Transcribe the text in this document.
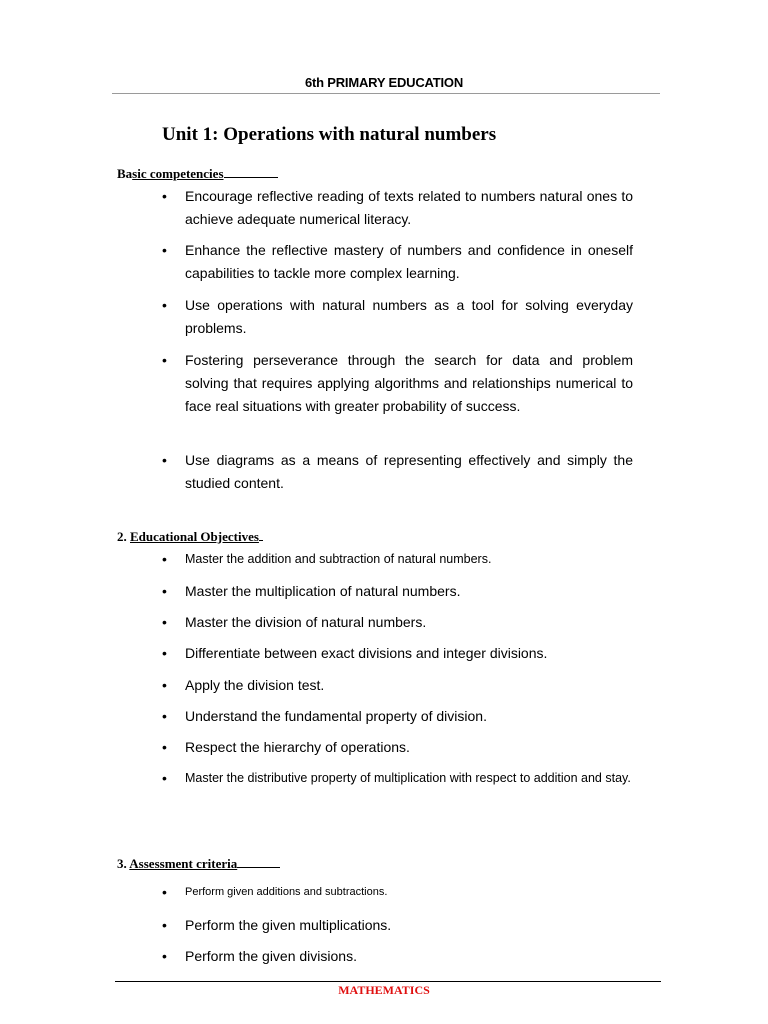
6th PRIMARY EDUCATION
Unit 1: Operations with natural numbers
Basic competencies
• Encourage reflective reading of texts related to numbers natural ones to achieve adequate numerical literacy.
• Enhance the reflective mastery of numbers and confidence in oneself capabilities to tackle more complex learning.
• Use operations with natural numbers as a tool for solving everyday problems.
• Fostering perseverance through the search for data and problem solving that requires applying algorithms and relationships numerical to face real situations with greater probability of success.
• Use diagrams as a means of representing effectively and simply the studied content.
2. Educational Objectives
• Master the addition and subtraction of natural numbers.
• Master the multiplication of natural numbers.
• Master the division of natural numbers.
• Differentiate between exact divisions and integer divisions.
• Apply the division test.
• Understand the fundamental property of division.
• Respect the hierarchy of operations.
• Master the distributive property of multiplication with respect to addition and stay.
3. Assessment criteria
• Perform given additions and subtractions.
• Perform the given multiplications.
• Perform the given divisions.
MATHEMATICS
